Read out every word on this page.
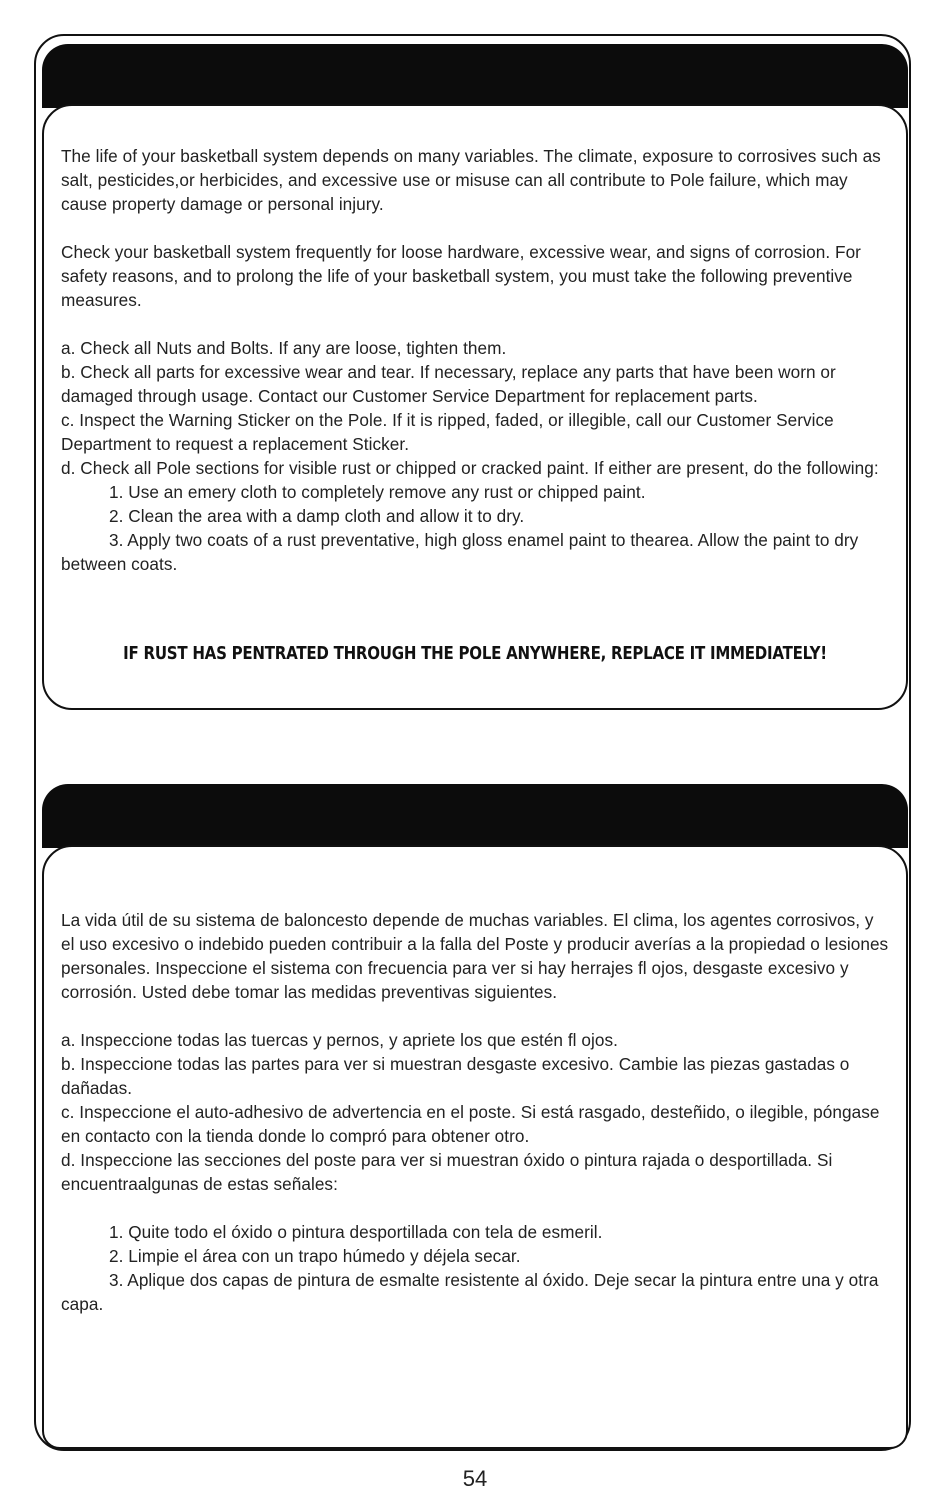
The life of your basketball system depends on many variables. The climate, exposure to corrosives such as salt, pesticides,or herbicides, and excessive use or misuse can all contribute to Pole failure, which may cause property damage or personal injury.

Check your basketball system frequently for loose hardware, excessive wear, and signs of corrosion. For safety reasons, and to prolong the life of your basketball system, you must take the following preventive measures.

a. Check all Nuts and Bolts. If any are loose, tighten them.

b. Check all parts for excessive wear and tear. If necessary, replace any parts that have been worn or damaged through usage. Contact our Customer Service Department for replacement parts.

c. Inspect the Warning Sticker on the Pole. If it is ripped, faded, or illegible, call our Customer Service Department to request a replacement Sticker.

d. Check all Pole sections for visible rust or chipped or cracked paint. If either are present, do the following:

1. Use an emery cloth to completely remove any rust or chipped paint.

2. Clean the area with a damp cloth and allow it to dry.

3. Apply two coats of a rust preventative, high gloss enamel paint to thearea. Allow the paint to dry between coats.

IF RUST HAS PENTRATED THROUGH THE POLE ANYWHERE, REPLACE IT IMMEDIATELY!

La vida útil de su sistema de baloncesto depende de muchas variables. El clima, los agentes corrosivos, y el uso excesivo o indebido pueden contribuir a la falla del Poste y producir averías a la propiedad o lesiones personales. Inspeccione el sistema con frecuencia para ver si hay herrajes fl ojos, desgaste excesivo y corrosión. Usted debe tomar las medidas preventivas siguientes.

a. Inspeccione todas las tuercas y pernos, y apriete los que estén fl ojos.

b. Inspeccione todas las partes para ver si muestran desgaste excesivo. Cambie las piezas gastadas o dañadas.

c. Inspeccione el auto-adhesivo de advertencia en el poste. Si está rasgado, desteñido, o ilegible, póngase en contacto con la tienda donde lo compró para obtener otro.

d. Inspeccione las secciones del poste para ver si muestran óxido o pintura rajada o desportillada. Si encuentraalgunas de estas señales:

1. Quite todo el óxido o pintura desportillada con tela de esmeril.

2. Limpie el área con un trapo húmedo y déjela secar.

3. Aplique dos capas de pintura de esmalte resistente al óxido. Deje secar la pintura entre una y otra capa.

54
